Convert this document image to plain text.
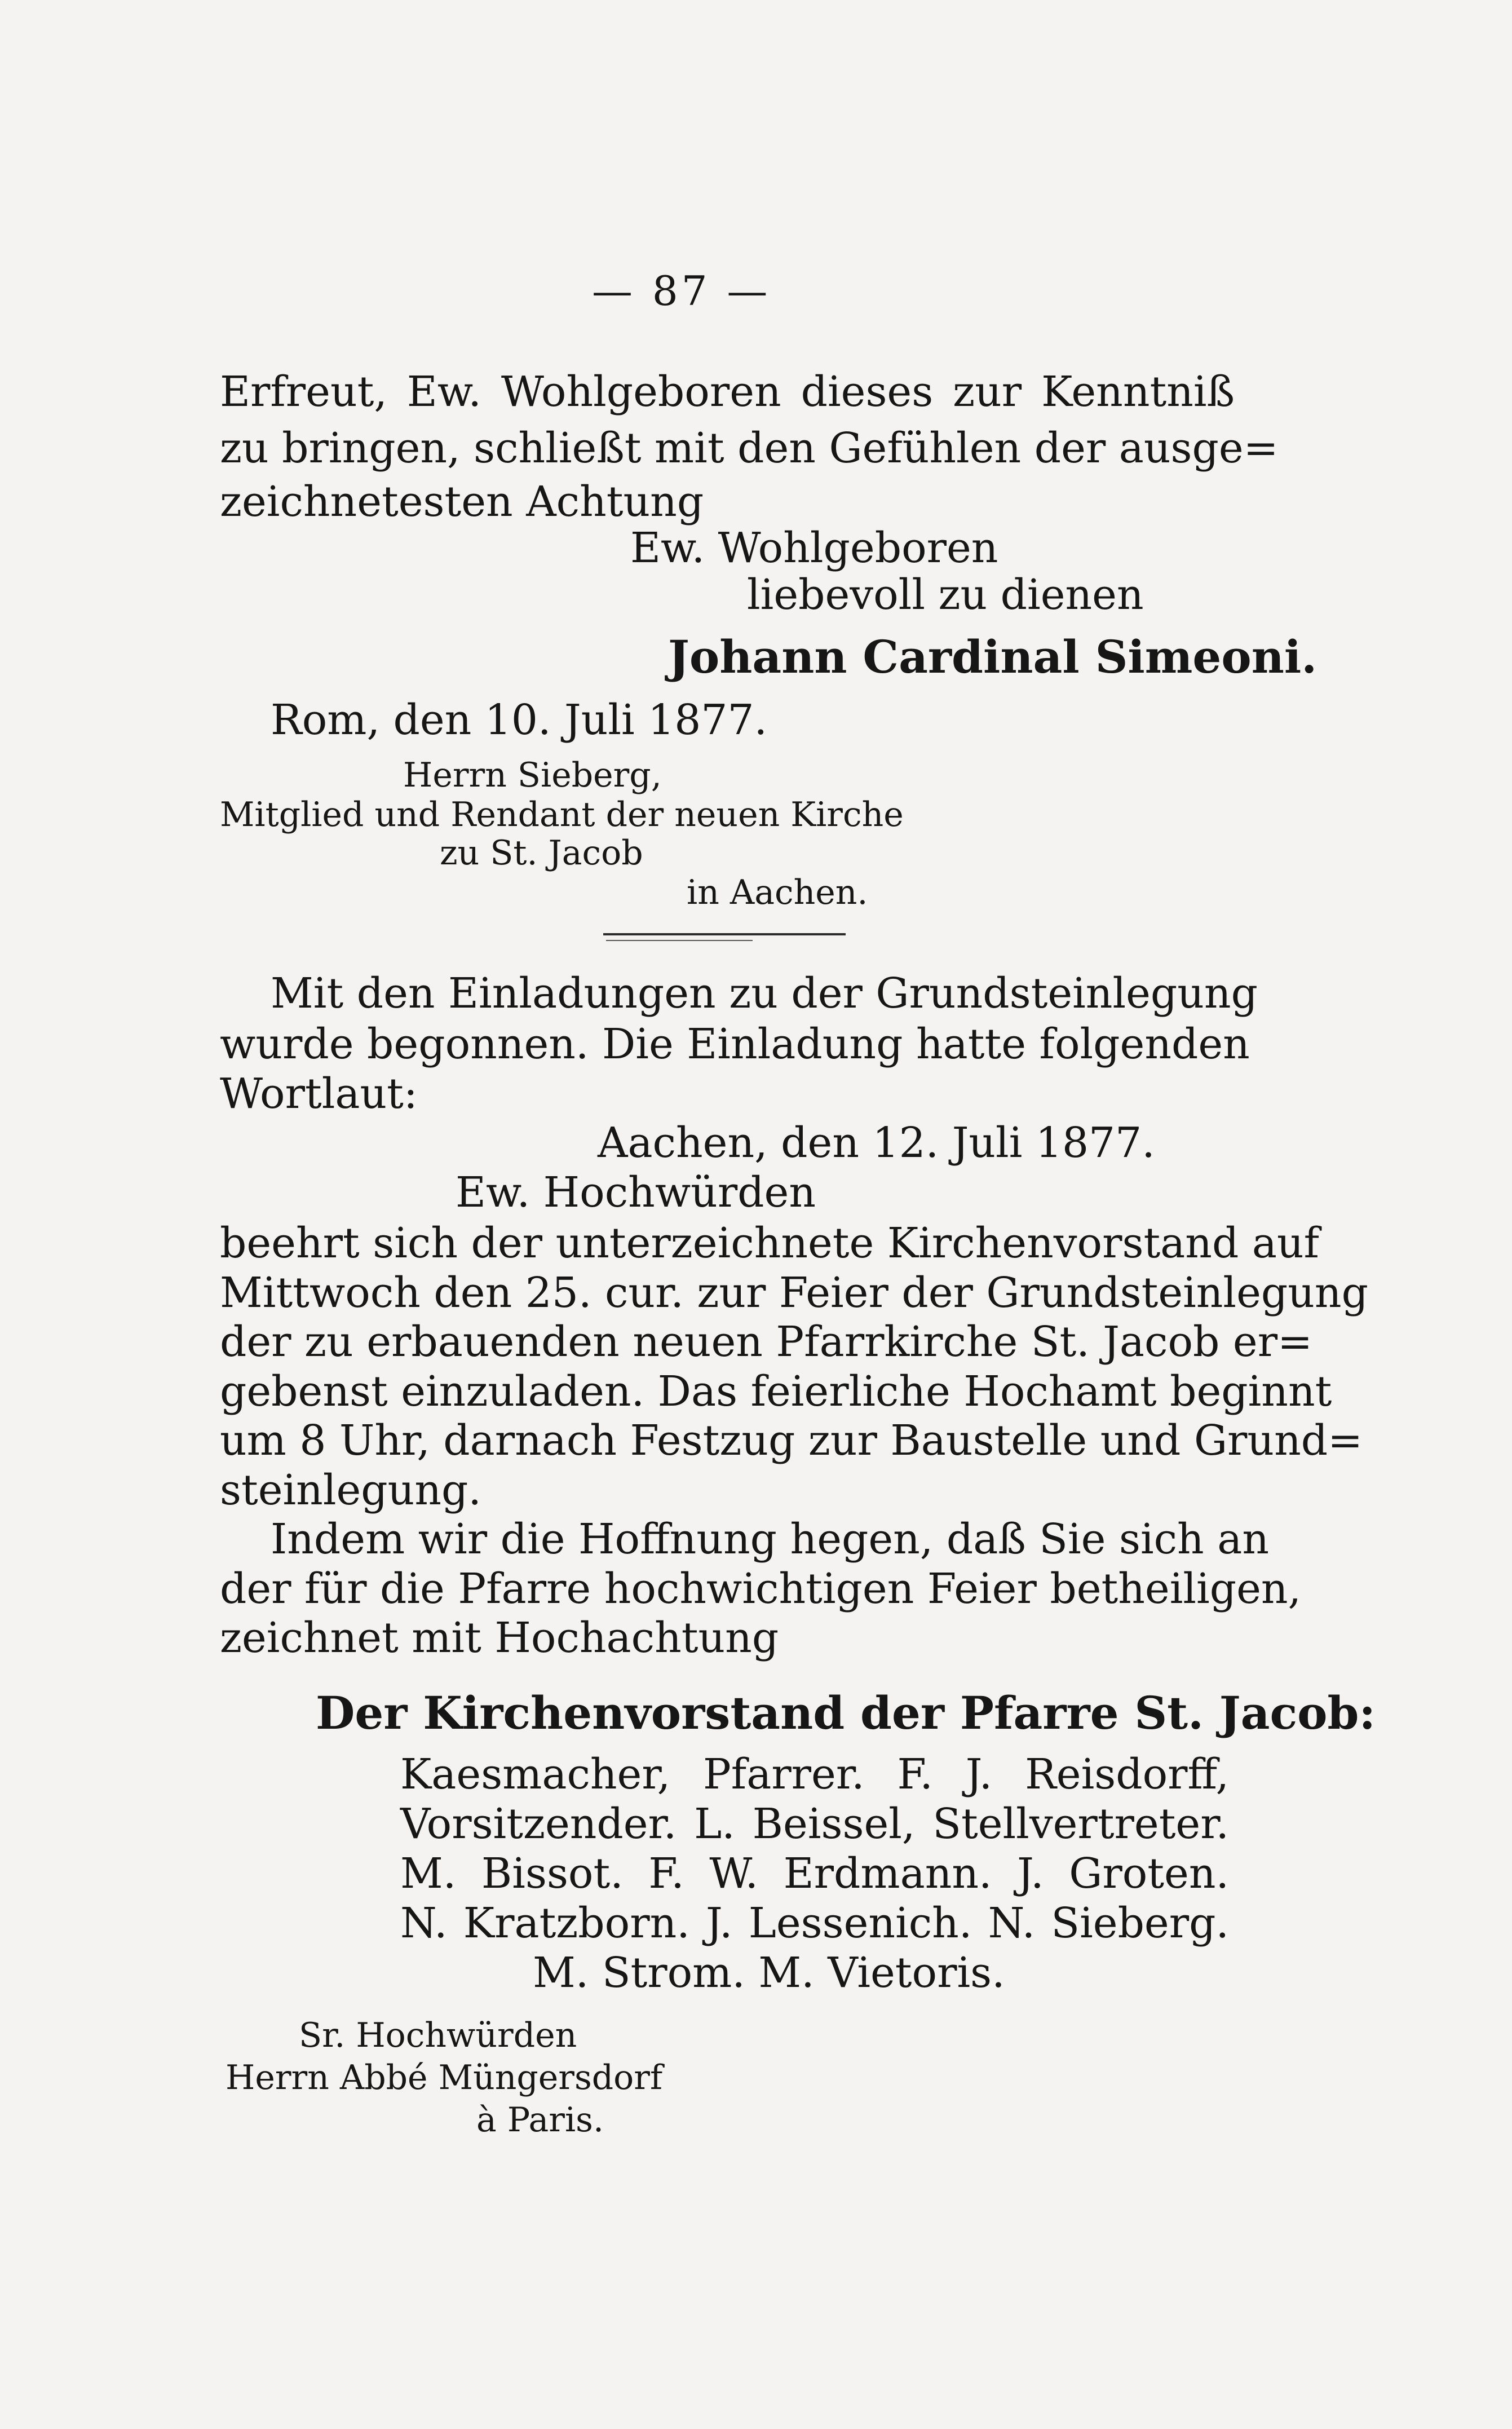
— 87 —
Erfreut, Ew. Wohlgeboren dieses zur Kenntniß
zu bringen, schließt mit den Gefühlen der ausge=
zeichnetesten Achtung
Ew. Wohlgeboren
liebevoll zu dienen
Johann Cardinal Simeoni.
Rom, den 10. Juli 1877.
Herrn Sieberg,
Mitglied und Rendant der neuen Kirche
zu St. Jacob
in Aachen.
Mit den Einladungen zu der Grundsteinlegung
wurde begonnen. Die Einladung hatte folgenden
Wortlaut:
Aachen, den 12. Juli 1877.
Ew. Hochwürden
beehrt sich der unterzeichnete Kirchenvorstand auf
Mittwoch den 25. cur. zur Feier der Grundsteinlegung
der zu erbauenden neuen Pfarrkirche St. Jacob er=
gebenst einzuladen. Das feierliche Hochamt beginnt
um 8 Uhr, darnach Festzug zur Baustelle und Grund=
steinlegung.
Indem wir die Hoffnung hegen, daß Sie sich an
der für die Pfarre hochwichtigen Feier betheiligen,
zeichnet mit Hochachtung
Der Kirchenvorstand der Pfarre St. Jacob:
Kaesmacher, Pfarrer. F. J. Reisdorff,
Vorsitzender. L. Beissel, Stellvertreter.
M. Bissot. F. W. Erdmann. J. Groten.
N. Kratzborn. J. Lessenich. N. Sieberg.
M. Strom. M. Vietoris.
Sr. Hochwürden
Herrn Abbé Müngersdorf
à Paris.
